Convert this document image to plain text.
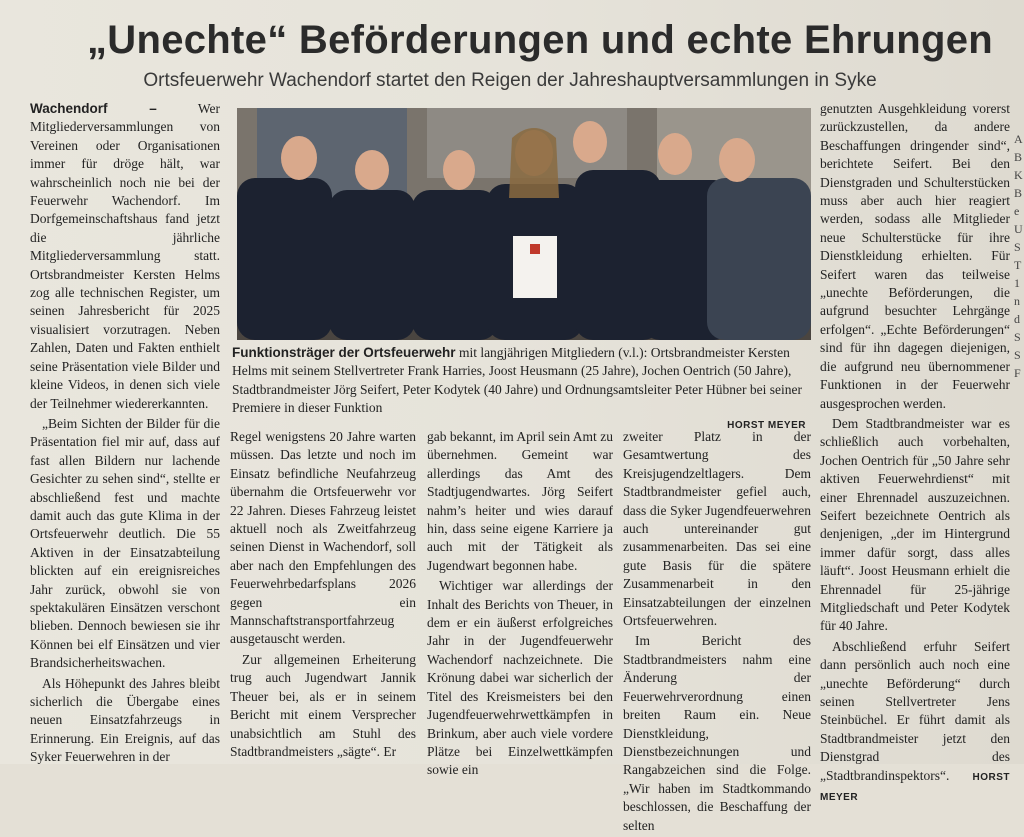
„Unechte“ Beförderungen und echte Ehrungen
Ortsfeuerwehr Wachendorf startet den Reigen der Jahreshauptversammlungen in Syke

Wachendorf – Wer Mitgliederversammlungen von Vereinen oder Organisationen immer für dröge hält, war wahrscheinlich noch nie bei der Feuerwehr Wachendorf. Im Dorfgemeinschaftshaus fand jetzt die jährliche Mitgliederversammlung statt. Ortsbrandmeister Kersten Helms zog alle technischen Register, um seinen Jahresbericht für 2025 visualisiert vorzutragen. Neben Zahlen, Daten und Fakten enthielt seine Präsentation viele Bilder und kleine Videos, in denen sich viele der Teilnehmer wiedererkannten.

„Beim Sichten der Bilder für die Präsentation fiel mir auf, dass auf fast allen Bildern nur lachende Gesichter zu sehen sind“, stellte er abschließend fest und machte damit auch das gute Klima in der Ortsfeuerwehr deutlich. Die 55 Aktiven in der Einsatzabteilung blickten auf ein ereignisreiches Jahr zurück, obwohl sie von spektakulären Einsätzen verschont blieben. Dennoch bewiesen sie ihr Können bei elf Einsätzen und vier Brandsicherheitswachen.

Als Höhepunkt des Jahres bleibt sicherlich die Übergabe eines neuen Einsatzfahrzeugs in Erinnerung. Ein Ereignis, auf das Syker Feuerwehren in der

Funktionsträger der Ortsfeuerwehr mit langjährigen Mitgliedern (v.l.): Ortsbrandmeister Kersten Helms mit seinem Stellvertreter Frank Harries, Joost Heusmann (25 Jahre), Jochen Oentrich (50 Jahre), Stadtbrandmeister Jörg Seifert, Peter Kodytek (40 Jahre) und Ordnungsamtsleiter Peter Hübner bei seiner Premiere in dieser Funktion
HORST MEYER

Regel wenigstens 20 Jahre warten müssen. Das letzte und noch im Einsatz befindliche Neufahrzeug übernahm die Ortsfeuerwehr vor 22 Jahren. Dieses Fahrzeug leistet aktuell noch als Zweitfahrzeug seinen Dienst in Wachendorf, soll aber nach den Empfehlungen des Feuerwehrbedarfsplans 2026 gegen ein Mannschaftstransportfahrzeug ausgetauscht werden.

Zur allgemeinen Erheiterung trug auch Jugendwart Jannik Theuer bei, als er in seinem Bericht mit einem Versprecher unabsichtlich am Stuhl des Stadtbrandmeisters „sägte“. Er

gab bekannt, im April sein Amt zu übernehmen. Gemeint war allerdings das Amt des Stadtjugendwartes. Jörg Seifert nahm’s heiter und wies darauf hin, dass seine eigene Karriere ja auch mit der Tätigkeit als Jugendwart begonnen habe.

Wichtiger war allerdings der Inhalt des Berichts von Theuer, in dem er ein äußerst erfolgreiches Jahr in der Jugendfeuerwehr Wachendorf nachzeichnete. Die Krönung dabei war sicherlich der Titel des Kreismeisters bei den Jugendfeuerwehrwettkämpfen in Brinkum, aber auch viele vordere Plätze bei Einzelwettkämpfen sowie ein

zweiter Platz in der Gesamtwertung des Kreisjugendzeltlagers. Dem Stadtbrandmeister gefiel auch, dass die Syker Jugendfeuerwehren auch untereinander gut zusammenarbeiten. Das sei eine gute Basis für die spätere Zusammenarbeit in den Einsatzabteilungen der einzelnen Ortsfeuerwehren.

Im Bericht des Stadtbrandmeisters nahm eine Änderung der Feuerwehrverordnung einen breiten Raum ein. Neue Dienstkleidung, Dienstbezeichnungen und Rangabzeichen sind die Folge. „Wir haben im Stadtkommando beschlossen, die Beschaffung der selten

genutzten Ausgehkleidung vorerst zurückzustellen, da andere Beschaffungen dringender sind“, berichtete Seifert. Bei den Dienstgraden und Schulterstücken muss aber auch hier reagiert werden, sodass alle Mitglieder neue Schulterstücke für ihre Dienstkleidung erhielten. Für Seifert waren das teilweise „unechte Beförderungen, die aufgrund besuchter Lehrgänge erfolgen“. „Echte Beförderungen“ sind für ihn dagegen diejenigen, die aufgrund neu übernommener Funktionen in der Feuerwehr ausgesprochen werden.

Dem Stadtbrandmeister war es schließlich auch vorbehalten, Jochen Oentrich für „50 Jahre sehr aktiven Feuerwehrdienst“ mit einer Ehrennadel auszuzeichnen. Seifert bezeichnete Oentrich als denjenigen, „der im Hintergrund immer dafür sorgt, dass alles läuft“. Joost Heusmann erhielt die Ehrennadel für 25-jährige Mitgliedschaft und Peter Kodytek für 40 Jahre.

Abschließend erfuhr Seifert dann persönlich auch noch eine „unechte Beförderung“ durch seinen Stellvertreter Jens Steinbüchel. Er führt damit als Stadtbrandmeister jetzt den Dienstgrad des „Stadtbrandinspektors“. HORST MEYER

A B K B e U S T 1 n d S S F
